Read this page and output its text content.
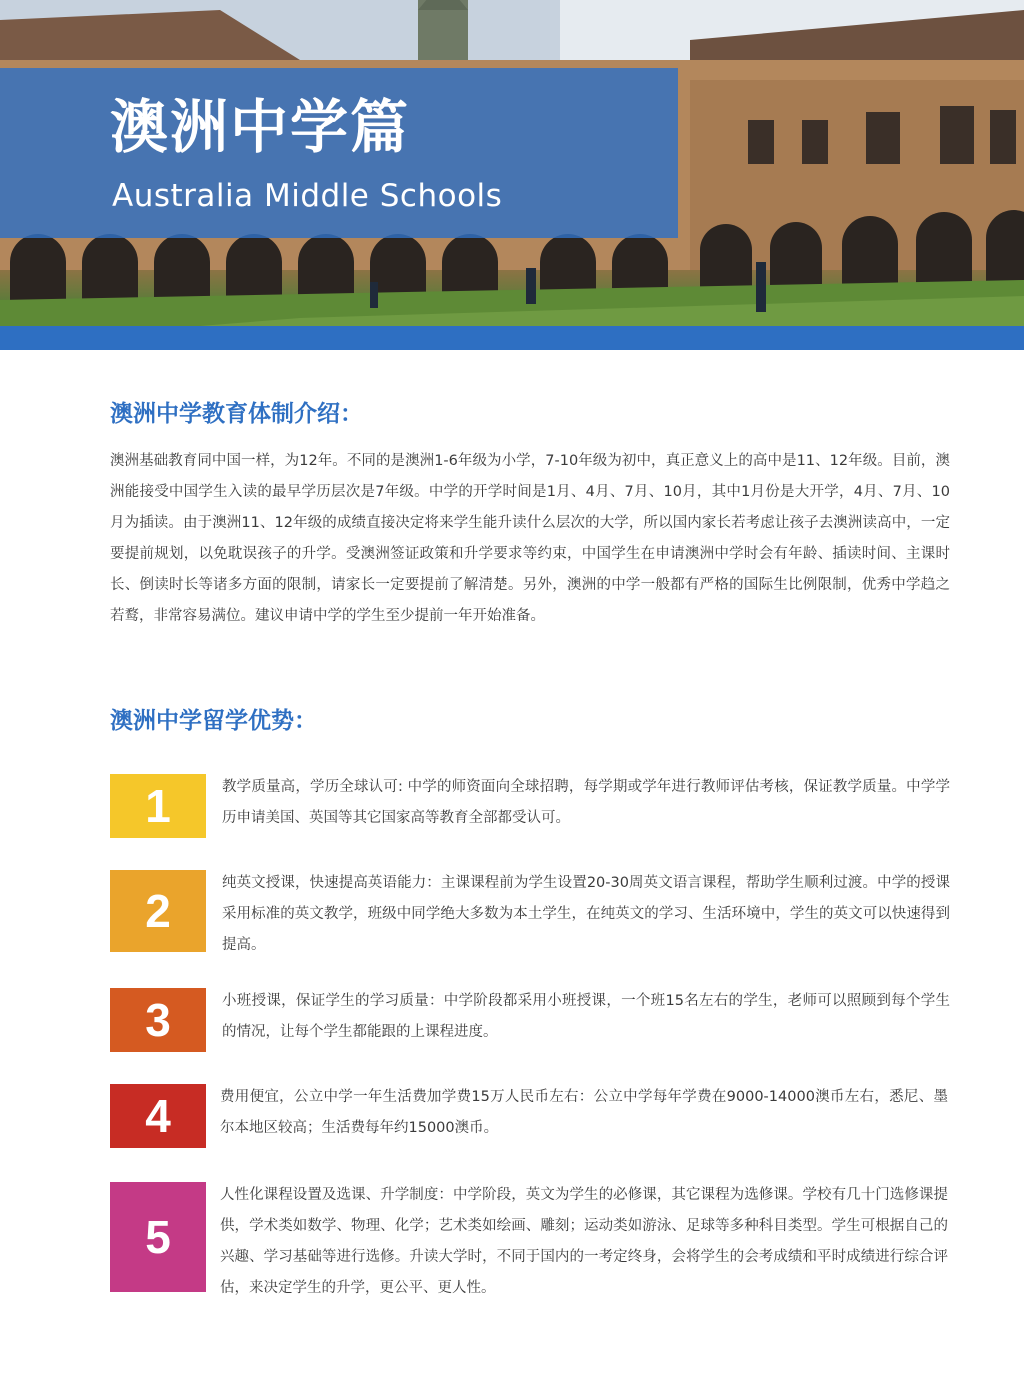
澳洲中学篇
Australia Middle Schools
澳洲中学教育体制介绍：
澳洲基础教育同中国一样，为12年。不同的是澳洲1-6年级为小学，7-10年级为初中，真正意义上的高中是11、12年级。目前，澳洲能接受中国学生入读的最早学历层次是7年级。中学的开学时间是1月、4月、7月、10月，其中1月份是大开学，4月、7月、10月为插读。由于澳洲11、12年级的成绩直接决定将来学生能升读什么层次的大学，所以国内家长若考虑让孩子去澳洲读高中，一定要提前规划，以免耽误孩子的升学。受澳洲签证政策和升学要求等约束，中国学生在申请澳洲中学时会有年龄、插读时间、主课时长、倒读时长等诸多方面的限制，请家长一定要提前了解清楚。另外，澳洲的中学一般都有严格的国际生比例限制，优秀中学趋之若鹜，非常容易满位。建议申请中学的学生至少提前一年开始准备。
澳洲中学留学优势：
1	教学质量高，学历全球认可: 中学的师资面向全球招聘，每学期或学年进行教师评估考核，保证教学质量。中学学历申请美国、英国等其它国家高等教育全部都受认可。
2
纯英文授课，快速提高英语能力：主课课程前为学生设置20-30周英文语言课程，帮助学生顺利过渡。中学的授课采用标准的英文教学，班级中同学绝大多数为本土学生，在纯英文的学习、生活环境中，学生的英文可以快速得到提高。
3	小班授课，保证学生的学习质量：中学阶段都采用小班授课，一个班15名左右的学生，老师可以照顾到每个学生的情况，让每个学生都能跟的上课程进度。
4	费用便宜，公立中学一年生活费加学费15万人民币左右：公立中学每年学费在9000-14000澳币左右，悉尼、墨尔本地区较高；生活费每年约15000澳币。
5
人性化课程设置及选课、升学制度：中学阶段，英文为学生的必修课，其它课程为选修课。学校有几十门选修课提供，学术类如数学、物理、化学；艺术类如绘画、雕刻；运动类如游泳、足球等多种科目类型。学生可根据自己的兴趣、学习基础等进行选修。升读大学时，不同于国内的一考定终身，会将学生的会考成绩和平时成绩进行综合评估，来决定学生的升学，更公平、更人性。
